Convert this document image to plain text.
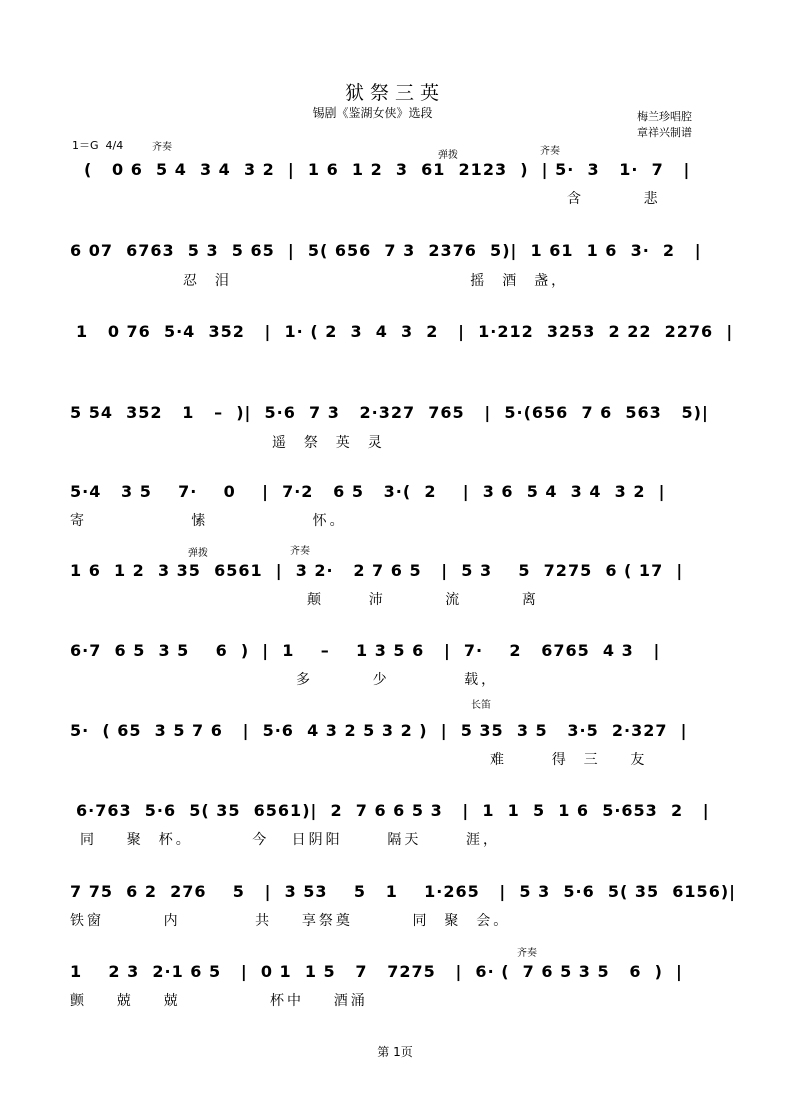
狱祭三英
锡剧《鉴湖女侠》选段	梅兰珍唱腔
章祥兴制谱
1＝G  4/4	齐奏
弹拨	齐奏
弹拨	齐奏
长笛
齐奏
(   0 6  5 4  3 4  3 2  |  1 6  1 2  3  61  2123  )  | 5·  3   1·  7   |
含        悲
6 07  6763  5 3  5 65  |  5( 656  7 3  2376  5)|  1 61  1 6  3·  2   |
忍  泪                                摇  酒  盏，
1   0 76  5·4  352   |  1· ( 2  3  4  3  2   |  1·212  3253  2 22  2276  |
5 54  352   1   –  )|  5·6  7 3   2·327  765   |  5·(656  7 6  563   5)|
遥  祭  英  灵
5·4   3 5    7·    0    |  7·2   6 5   3·(  2    |  3 6  5 4  3 4  3 2  |
寄              愫              怀。
1 6  1 2  3 35  6561  |  3 2·   2 7 6 5   |  5 3    5  7275  6 ( 17  |
颠      沛        流        离
6·7  6 5  3 5    6  )  |  1    –    1 3 5 6   |  7·    2   6765  4 3   |
多        少          载，
5·  ( 65  3 5 7 6   |  5·6  4 3 2 5 3 2 )  |  5 35  3 5   3·5  2·327  |
难      得  三    友
6·763  5·6  5( 35  6561)|  2  7 6 6 5 3   |  1  1  5  1 6  5·653  2   |
同    聚  杯。        今   日阴阳      隔天      涯，
7 75  6 2  276    5   |  3 53    5   1    1·265   |  5 3  5·6  5( 35  6156)|
铁窗        内          共    享祭奠        同  聚  会。
1    2 3  2·1 6 5   |  0 1  1 5   7   7275   |  6· (  7 6 5 3 5   6  )  |
颤    兢    兢            杯中    酒涌
第 1页
